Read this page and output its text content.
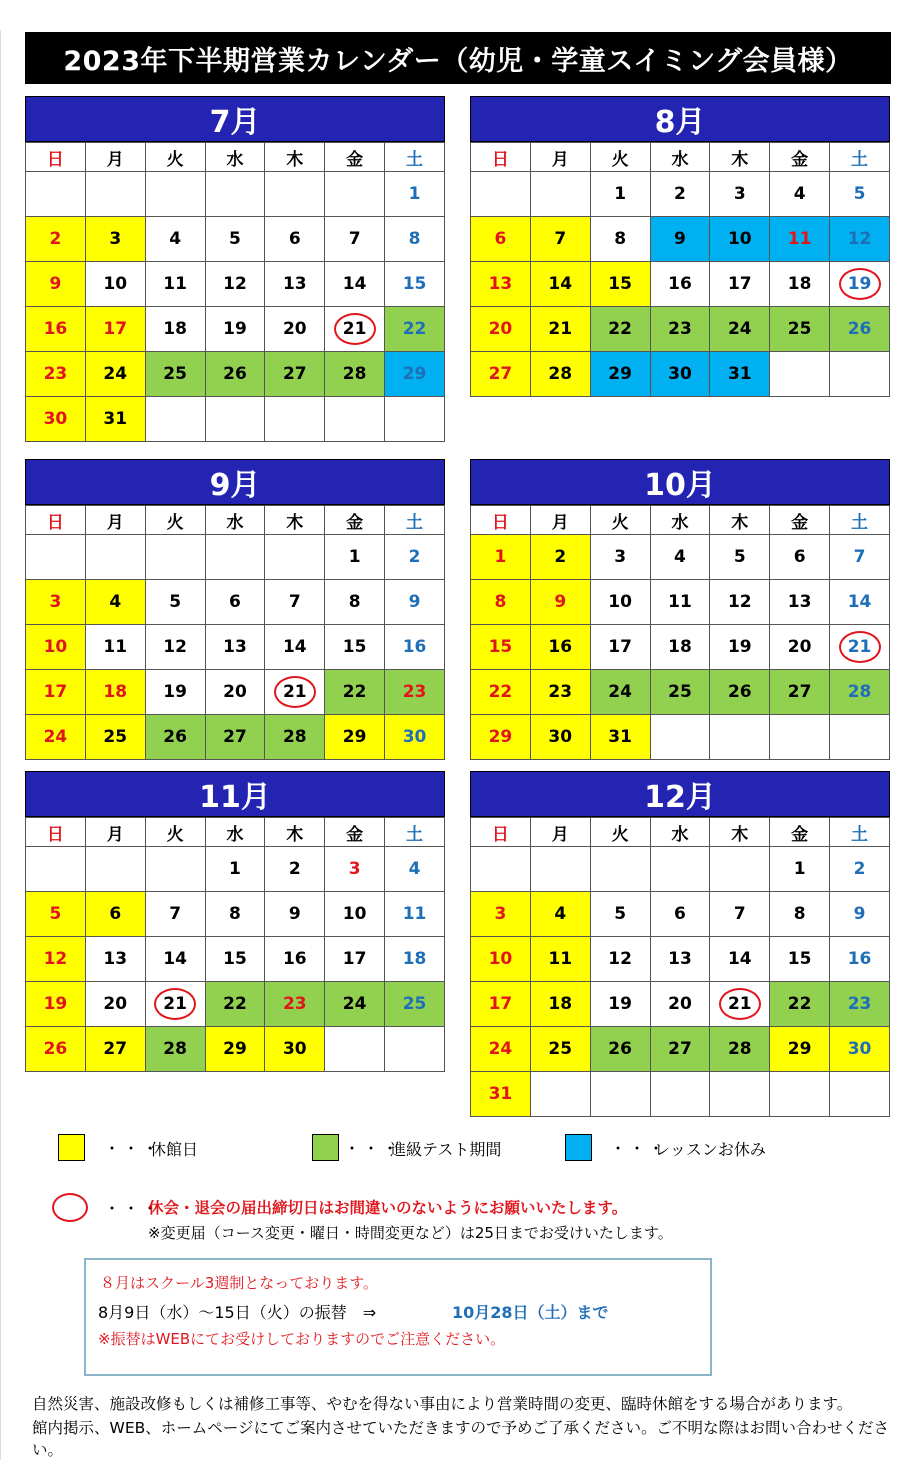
2023年下半期営業カレンダー（幼児・学童スイミング会員様）
7月
日	月	火	水	木	金	土
						1
2	3	4	5	6	7	8
9	10	11	12	13	14	15
16	17	18	19	20	21	22
23	24	25	26	27	28	29
30	31					
8月
日	月	火	水	木	金	土
		1	2	3	4	5
6	7	8	9	10	11	12
13	14	15	16	17	18	19

20	21	22	23	24	25	26
27	28	29	30	31		
9月
日	月	火	水	木	金	土
					1	2
3	4	5	6	7	8	9
10	11	12	13	14	15	16
17	18	19	20	21	22	23
24	25	26	27	28	29	30
10月
日	月	火	水	木	金	土
1	2	3	4	5	6	7
8	9	10	11	12	13	14
15	16	17	18	19	20	21

22	23	24	25	26	27	28
29	30	31				
11月
日	月	火	水	木	金	土
			1	2	3	4
5	6	7	8	9	10	11
12	13	14	15	16	17	18
19	20	21	22	23	24	25
26	27	28	29	30		
12月
日	月	火	水	木	金	土
					1	2
3	4	5	6	7	8	9
10	11	12	13	14	15	16
17	18	19	20	21	22	23
24	25	26	27	28	29	30
31						
・・・
休館日	・・・
進級テスト期間	・・・
レッスンお休み
・・・
休会・退会の届出締切日はお間違いのないようにお願いいたします。
※変更届（コース変更・曜日・時間変更など）は25日までお受けいたします。
８月はスクール3週制となっております。
8月9日（水）～15日（火）の振替　⇒	10月28日（土）まで
※振替はWEBにてお受けしておりますのでご注意ください。
自然災害、施設改修もしくは補修工事等、やむを得ない事由により営業時間の変更、臨時休館をする場合があります。
館内掲示、WEB、ホームページにてご案内させていただきますので予めご了承ください。ご不明な際はお問い合わせください。
